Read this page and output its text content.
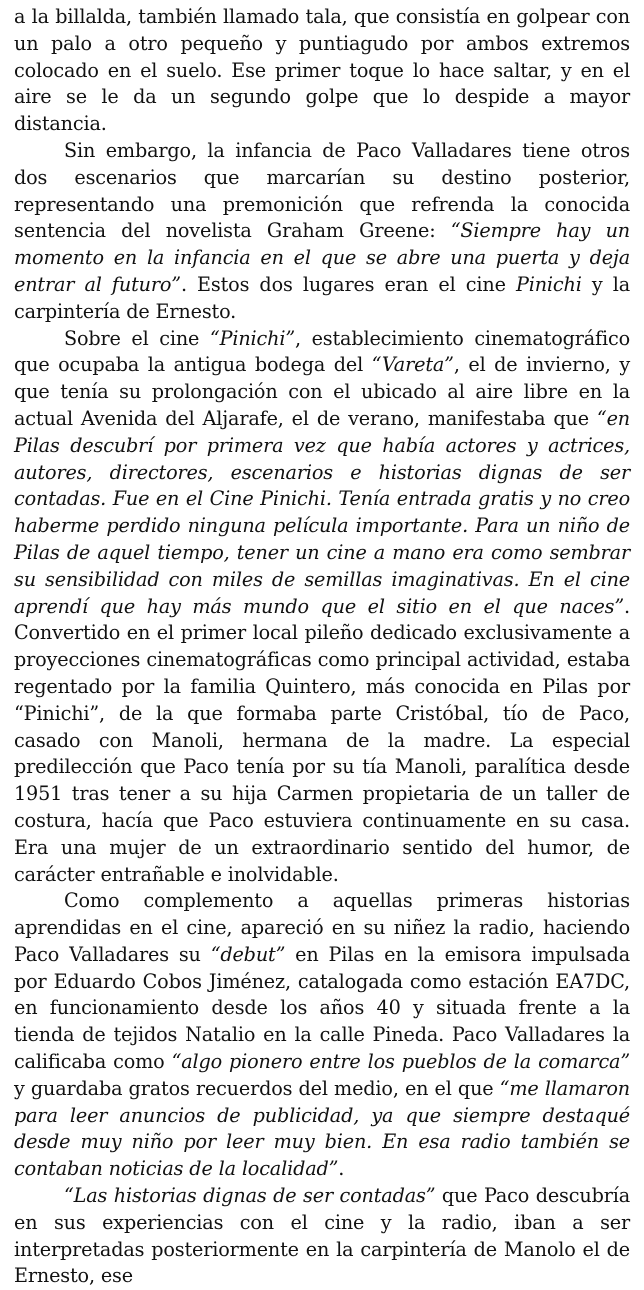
a la billalda, también llamado tala, que consistía en golpear con un palo a otro pequeño y puntiagudo por ambos extremos colocado en el suelo. Ese primer toque lo hace saltar, y en el aire se le da un segundo golpe que lo despide a mayor distancia.

Sin embargo, la infancia de Paco Valladares tiene otros dos escenarios que marcarían su destino posterior, representando una premonición que refrenda la conocida sentencia del novelista Graham Greene: “Siempre hay un momento en la infancia en el que se abre una puerta y deja entrar al futuro”. Estos dos lugares eran el cine Pinichi y la carpintería de Ernesto.

Sobre el cine “Pinichi”, establecimiento cinematográfico que ocupaba la antigua bodega del “Vareta”, el de invierno, y que tenía su prolongación con el ubicado al aire libre en la actual Avenida del Aljarafe, el de verano, manifestaba que “en Pilas descubrí por primera vez que había actores y actrices, autores, directores, escenarios e historias dignas de ser contadas. Fue en el Cine Pinichi. Tenía entrada gratis y no creo haberme perdido ninguna película importante. Para un niño de Pilas de aquel tiempo, tener un cine a mano era como sembrar su sensibilidad con miles de semillas imaginativas. En el cine aprendí que hay más mundo que el sitio en el que naces”. Convertido en el primer local pileño dedicado exclusivamente a proyecciones cinematográficas como principal actividad, estaba regentado por la familia Quintero, más conocida en Pilas por “Pinichi”, de la que formaba parte Cristóbal, tío de Paco, casado con Manoli, hermana de la madre. La especial predilección que Paco tenía por su tía Manoli, paralítica desde 1951 tras tener a su hija Carmen propietaria de un taller de costura, hacía que Paco estuviera continuamente en su casa. Era una mujer de un extraordinario sentido del humor, de carácter entrañable e inolvidable.

Como complemento a aquellas primeras historias aprendidas en el cine, apareció en su niñez la radio, haciendo Paco Valladares su “debut” en Pilas en la emisora impulsada por Eduardo Cobos Jiménez, catalogada como estación EA7DC, en funcionamiento desde los años 40 y situada frente a la tienda de tejidos Natalio en la calle Pineda. Paco Valladares la calificaba como “algo pionero entre los pueblos de la comarca” y guardaba gratos recuerdos del medio, en el que “me llamaron para leer anuncios de publicidad, ya que siempre destaqué desde muy niño por leer muy bien. En esa radio también se contaban noticias de la localidad”.

“Las historias dignas de ser contadas” que Paco descubría en sus experiencias con el cine y la radio, iban a ser interpretadas posteriormente en la carpintería de Manolo el de Ernesto, ese
